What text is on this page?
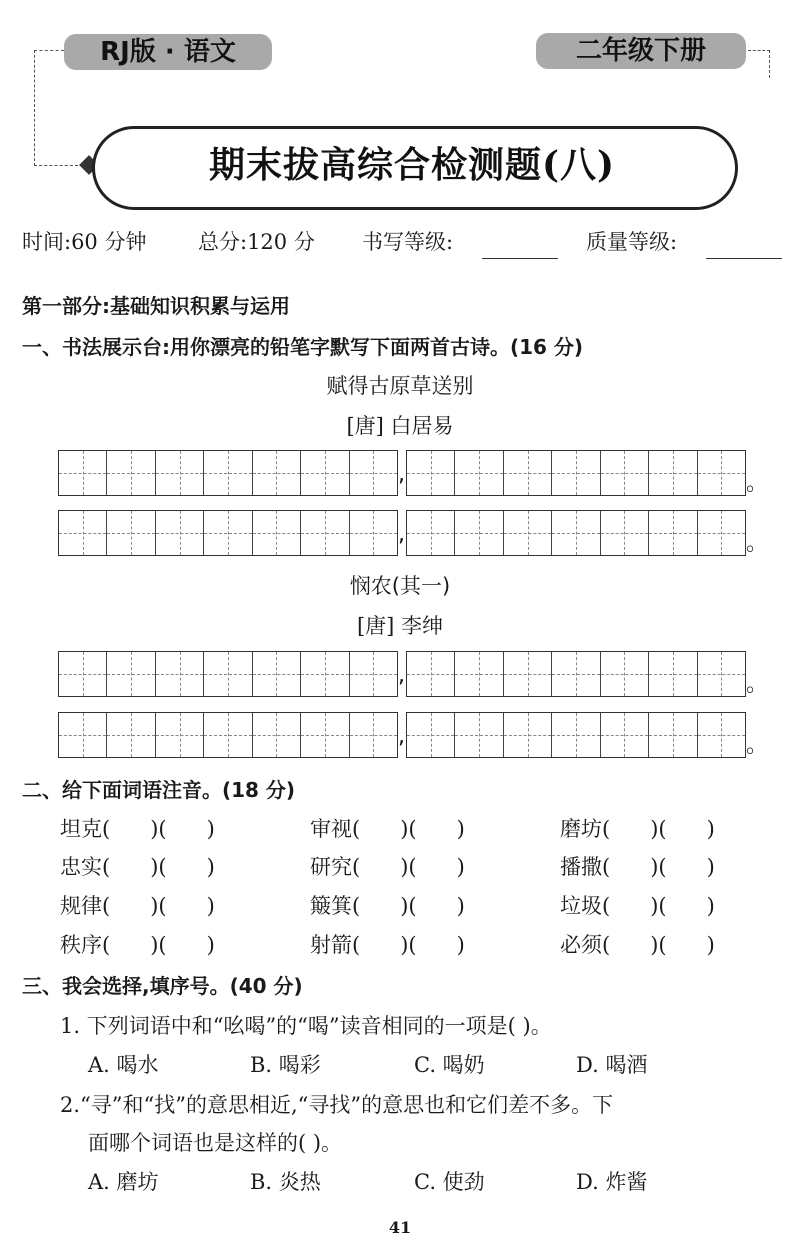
RJ版 · 语文	二年级下册
期末拔高综合检测题(八)
时间:60 分钟 总分:120 分 书写等级:	质量等级:
第一部分:基础知识积累与运用
一、书法展示台:用你漂亮的铅笔字默写下面两首古诗。(16 分)
赋得古原草送别
[唐] 白居易
,	。
,	。
悯农(其一)
[唐] 李绅
,	。
,	。
二、给下面词语注音。(18 分)
坦克(      )(      )	审视(      )(      )	磨坊(      )(      )
忠实(      )(      )	研究(      )(      )	播撒(      )(      )
规律(      )(      )	簸箕(      )(      )	垃圾(      )(      )
秩序(      )(      )	射箭(      )(      )	必须(      )(      )
三、我会选择,填序号。(40 分)
1. 下列词语中和“吆喝”的“喝”读音相同的一项是( )。
A. 喝水	B. 喝彩	C. 喝奶	D. 喝酒
2.“寻”和“找”的意思相近,“寻找”的意思也和它们差不多。下
面哪个词语也是这样的( )。
A. 磨坊	B. 炎热	C. 使劲	D. 炸酱
41
